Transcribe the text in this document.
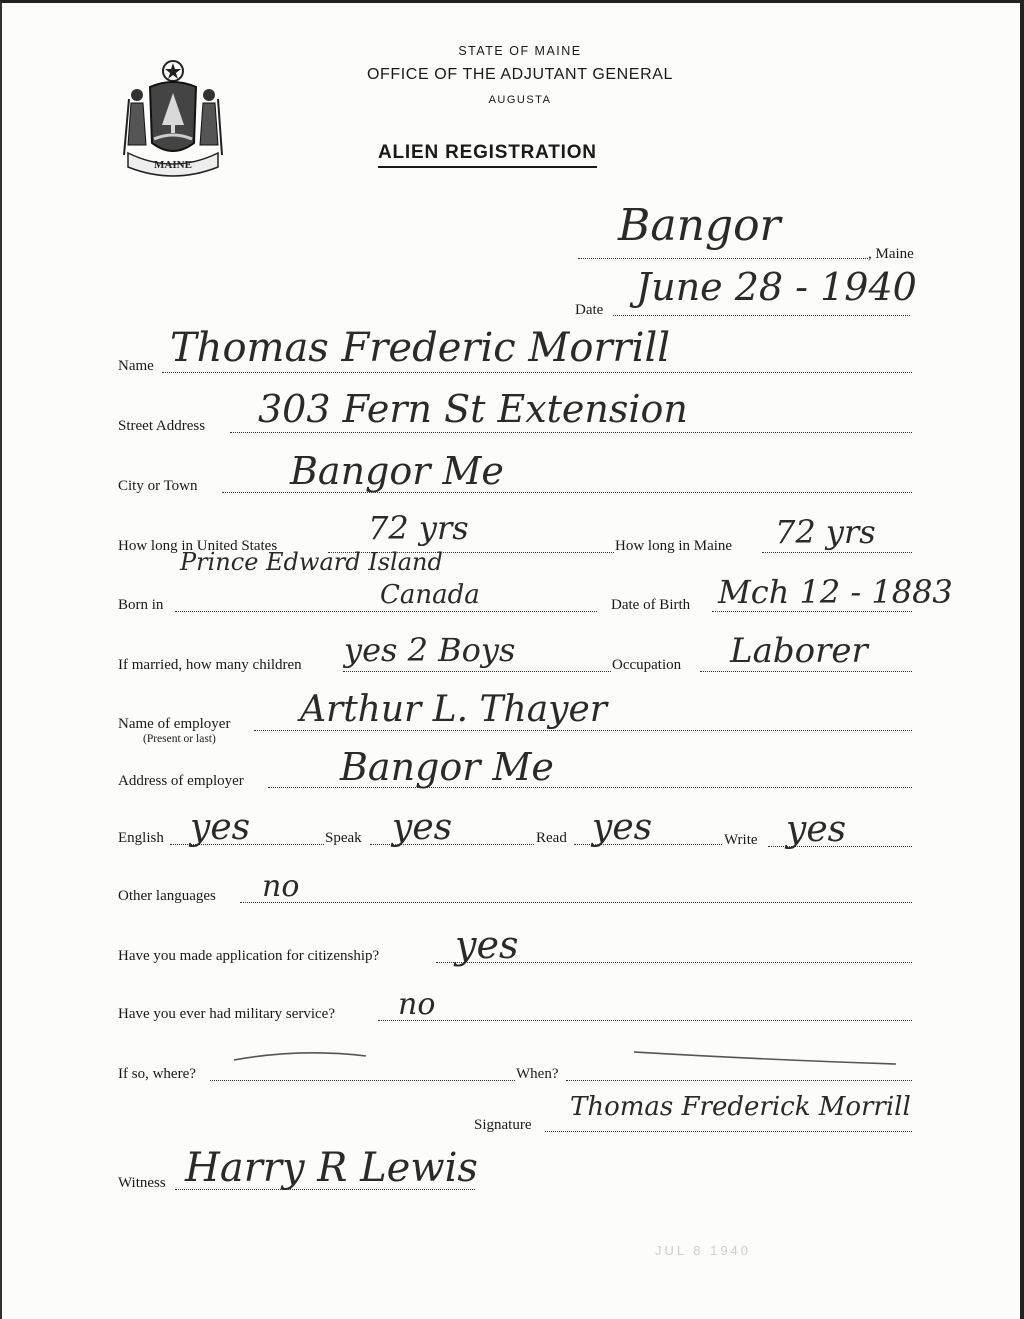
MAINE
STATE OF MAINE
OFFICE OF THE ADJUTANT GENERAL
AUGUSTA
ALIEN REGISTRATION
Bangor
, Maine
Date
June 28 - 1940
Name Thomas Frederic Morrill
Street Address 303 Fern St Extension
City or Town Bangor Me
How long in United States	72 yrs	How long in Maine 72 yrs
Prince Edward Island
Born in	Canada	Date of Birth Mch 12 - 1883
If married, how many children yes 2 Boys	Occupation Laborer
Name of employer
(Present or last)
Arthur L. Thayer
Address of employer	Bangor Me
English yes	Speak yes	Read yes	Write yes
Other languages no
Have you made application for citizenship? yes
Have you ever had military service? no
If so, where?	When?
Signature
Thomas Frederick Morrill
Witness Harry R Lewis
JUL 8 1940
